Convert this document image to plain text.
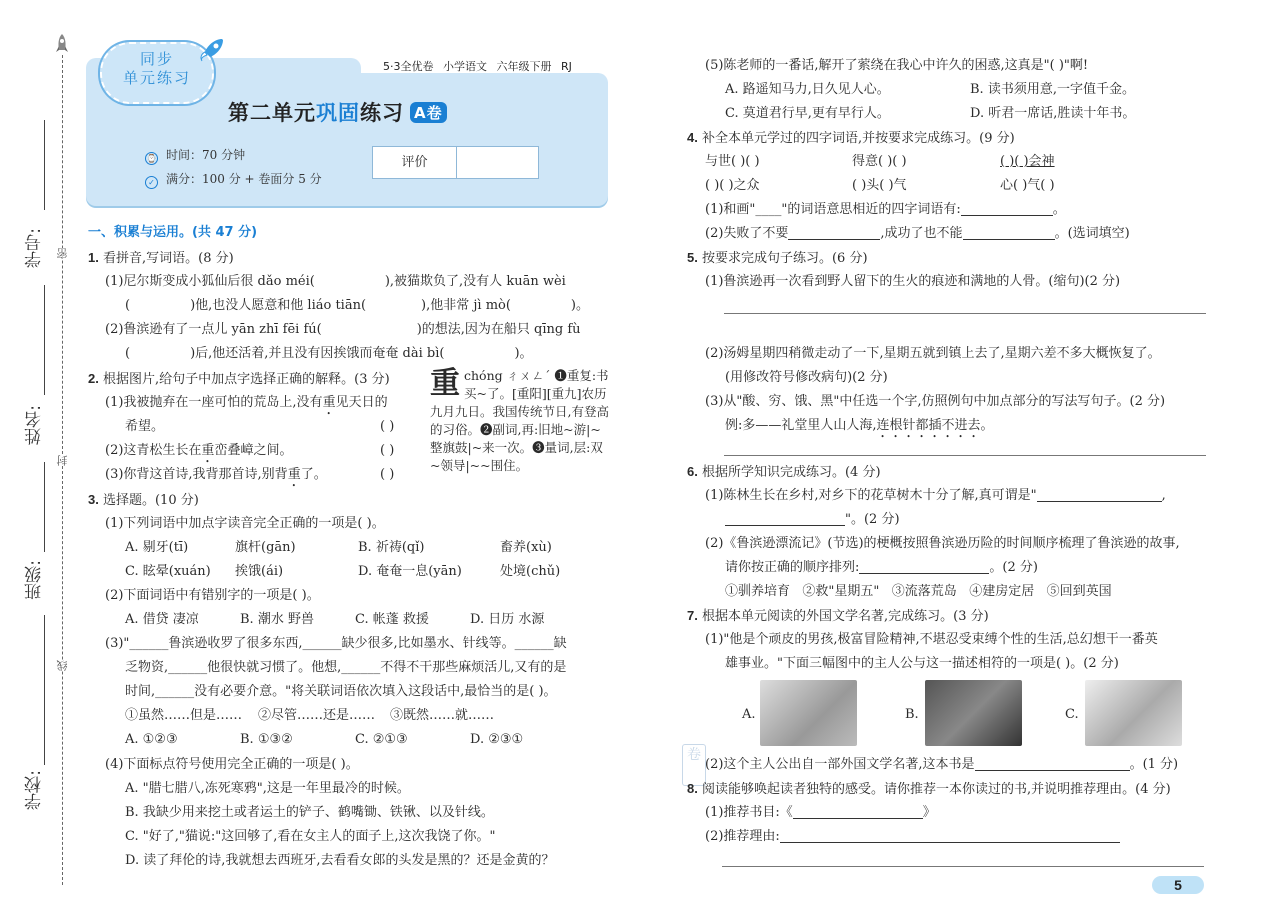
学号:
姓名:
班级:
学校:
密
封
线
同步
单元练习
5·3全优卷 小学语文 六年级下册 RJ
第二单元巩固练习 A卷
⌚ 时间：70 分钟
✓ 满分：100 分 + 卷面分 5 分
评价
一、积累与运用。(共 47 分)
1. 看拼音,写词语。(8 分)
(1)尼尔斯变成小狐仙后很 dǎo méi(	),被猫欺负了,没有人 kuān wèi
(	)他,也没人愿意和他 liáo tiān(	),他非常 jì mò(	)。
(2)鲁滨逊有了一点儿 yān zhī fēi fú(	)的想法,因为在船只 qīng fù
(	)后,他还活着,并且没有因挨饿而奄奄 dài bì(	)。
2. 根据图片,给句子中加点字选择正确的解释。(3 分)
(1)我被抛弃在一座可怕的荒岛上,没有重见天日的
希望。	( )
(2)这青松生长在重峦叠嶂之间。	( )
(3)你背这首诗,我背那首诗,别背重了。	( )
重 chóng ㄔㄨㄥˊ ❶重复:书买~了。[重阳][重九]农历九月九日。我国传统节日,有登高的习俗。❷副词,再:旧地~游|~整旗鼓|~来一次。❸量词,层:双~领导|~~围住。
3. 选择题。(10 分)
(1)下列词语中加点字读音完全正确的一项是( )。
A. 剔牙(tī)	旗杆(gān)	B. 祈祷(qǐ)	畜养(xù)
C. 眩晕(xuán) 挨饿(ái)	D. 奄奄一息(yān)	处境(chǔ)
(2)下面词语中有错别字的一项是( )。
A. 借贷 凄凉	B. 潮水 野兽	C. 帐蓬 救援	D. 日历 水源
(3)"______鲁滨逊收罗了很多东西,______缺少很多,比如墨水、针线等。______缺
乏物资,______他很快就习惯了。他想,______不得不干那些麻烦活儿,又有的是
时间,______没有必要介意。"将关联词语依次填入这段话中,最恰当的是( )。
①虽然……但是…… ②尽管……还是…… ③既然……就……
A. ①②③	B. ①③②	C. ②①③	D. ②③①
(4)下面标点符号使用完全正确的一项是( )。
A. "腊七腊八,冻死寒鸦",这是一年里最冷的时候。
B. 我缺少用来挖土或者运土的铲子、鹤嘴锄、铁锹、以及针线。
C. "好了,"猫说:"这回够了,看在女主人的面子上,这次我饶了你。"
D. 读了拜伦的诗,我就想去西班牙,去看看女郎的头发是黑的？还是金黄的？
(5)陈老师的一番话,解开了萦绕在我心中许久的困惑,这真是"( )"啊!
A. 路遥知马力,日久见人心。	B. 读书须用意,一字值千金。
C. 莫道君行早,更有早行人。	D. 听君一席话,胜读十年书。
4. 补全本单元学过的四字词语,并按要求完成练习。(9 分)
与世( )( )	得意( )( )	( )( )会神
( )( )之众	( )头( )气	心( )气( )
(1)和画"____"的词语意思相近的四字词语有:	。
(2)失败了不要	,成功了也不能	。(选词填空)
5. 按要求完成句子练习。(6 分)
(1)鲁滨逊再一次看到野人留下的生火的痕迹和满地的人骨。(缩句)(2 分)
(2)汤姆星期四稍微走动了一下,星期五就到镇上去了,星期六差不多大概恢复了。
(用修改符号修改病句)(2 分)
(3)从"酸、穷、饿、黑"中任选一个字,仿照例句中加点部分的写法写句子。(2 分)
例:多——礼堂里人山人海,连根针都插不进去。
6. 根据所学知识完成练习。(4 分)
(1)陈林生长在乡村,对乡下的花草树木十分了解,真可谓是"	,
"。(2 分)
(2)《鲁滨逊漂流记》(节选)的梗概按照鲁滨逊历险的时间顺序梳理了鲁滨逊的故事,
请你按正确的顺序排列:	。(2 分)
①驯养培育 ②救"星期五" ③流落荒岛 ④建房定居 ⑤回到英国
7. 根据本单元阅读的外国文学名著,完成练习。(3 分)
(1)"他是个顽皮的男孩,极富冒险精神,不堪忍受束缚个性的生活,总幻想干一番英
雄事业。"下面三幅图中的主人公与这一描述相符的一项是( )。(2 分)
A.	B.	C.
卷
(2)这个主人公出自一部外国文学名著,这本书是	。(1 分)
8. 阅读能够唤起读者独特的感受。请你推荐一本你读过的书,并说明推荐理由。(4 分)
(1)推荐书目:《	》
(2)推荐理由:
5
